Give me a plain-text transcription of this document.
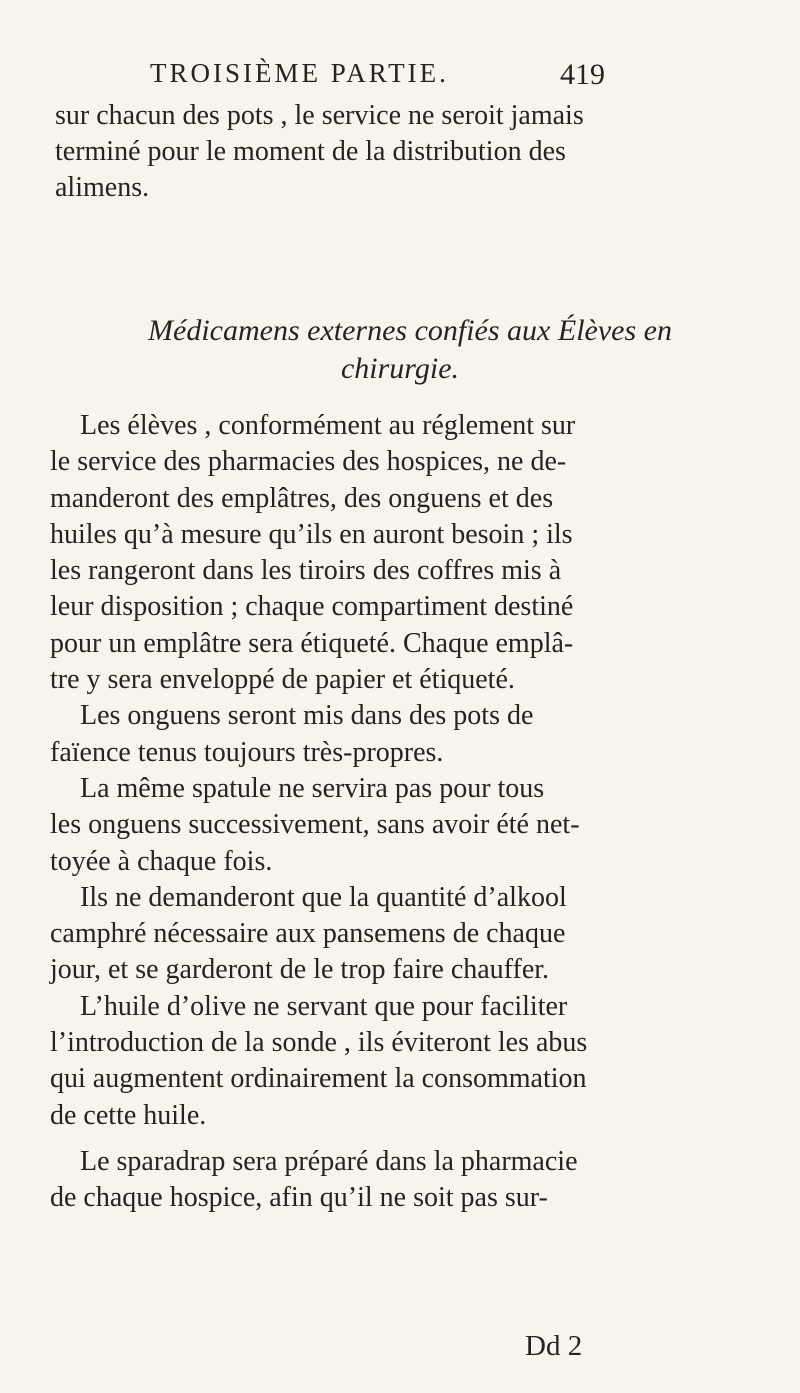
TROISIÈME PARTIE.	419
sur chacun des pots , le service ne seroit jamais
terminé pour le moment de la distribution des
alimens.
Médicamens externes confiés aux Élèves en
chirurgie.
Les élèves , conformément au réglement sur
le service des pharmacies des hospices, ne de-
manderont des emplâtres, des onguens et des
huiles qu’à mesure qu’ils en auront besoin ; ils
les rangeront dans les tiroirs des coffres mis à
leur disposition ; chaque compartiment destiné
pour un emplâtre sera étiqueté. Chaque emplâ-
tre y sera enveloppé de papier et étiqueté.
Les onguens seront mis dans des pots de
faïence tenus toujours très-propres.
La même spatule ne servira pas pour tous
les onguens successivement, sans avoir été net-
toyée à chaque fois.
Ils ne demanderont que la quantité d’alkool
camphré nécessaire aux pansemens de chaque
jour, et se garderont de le trop faire chauffer.
L’huile d’olive ne servant que pour faciliter
l’introduction de la sonde , ils éviteront les abus
qui augmentent ordinairement la consommation
de cette huile.
Le sparadrap sera préparé dans la pharmacie
de chaque hospice, afin qu’il ne soit pas sur-
Dd 2
